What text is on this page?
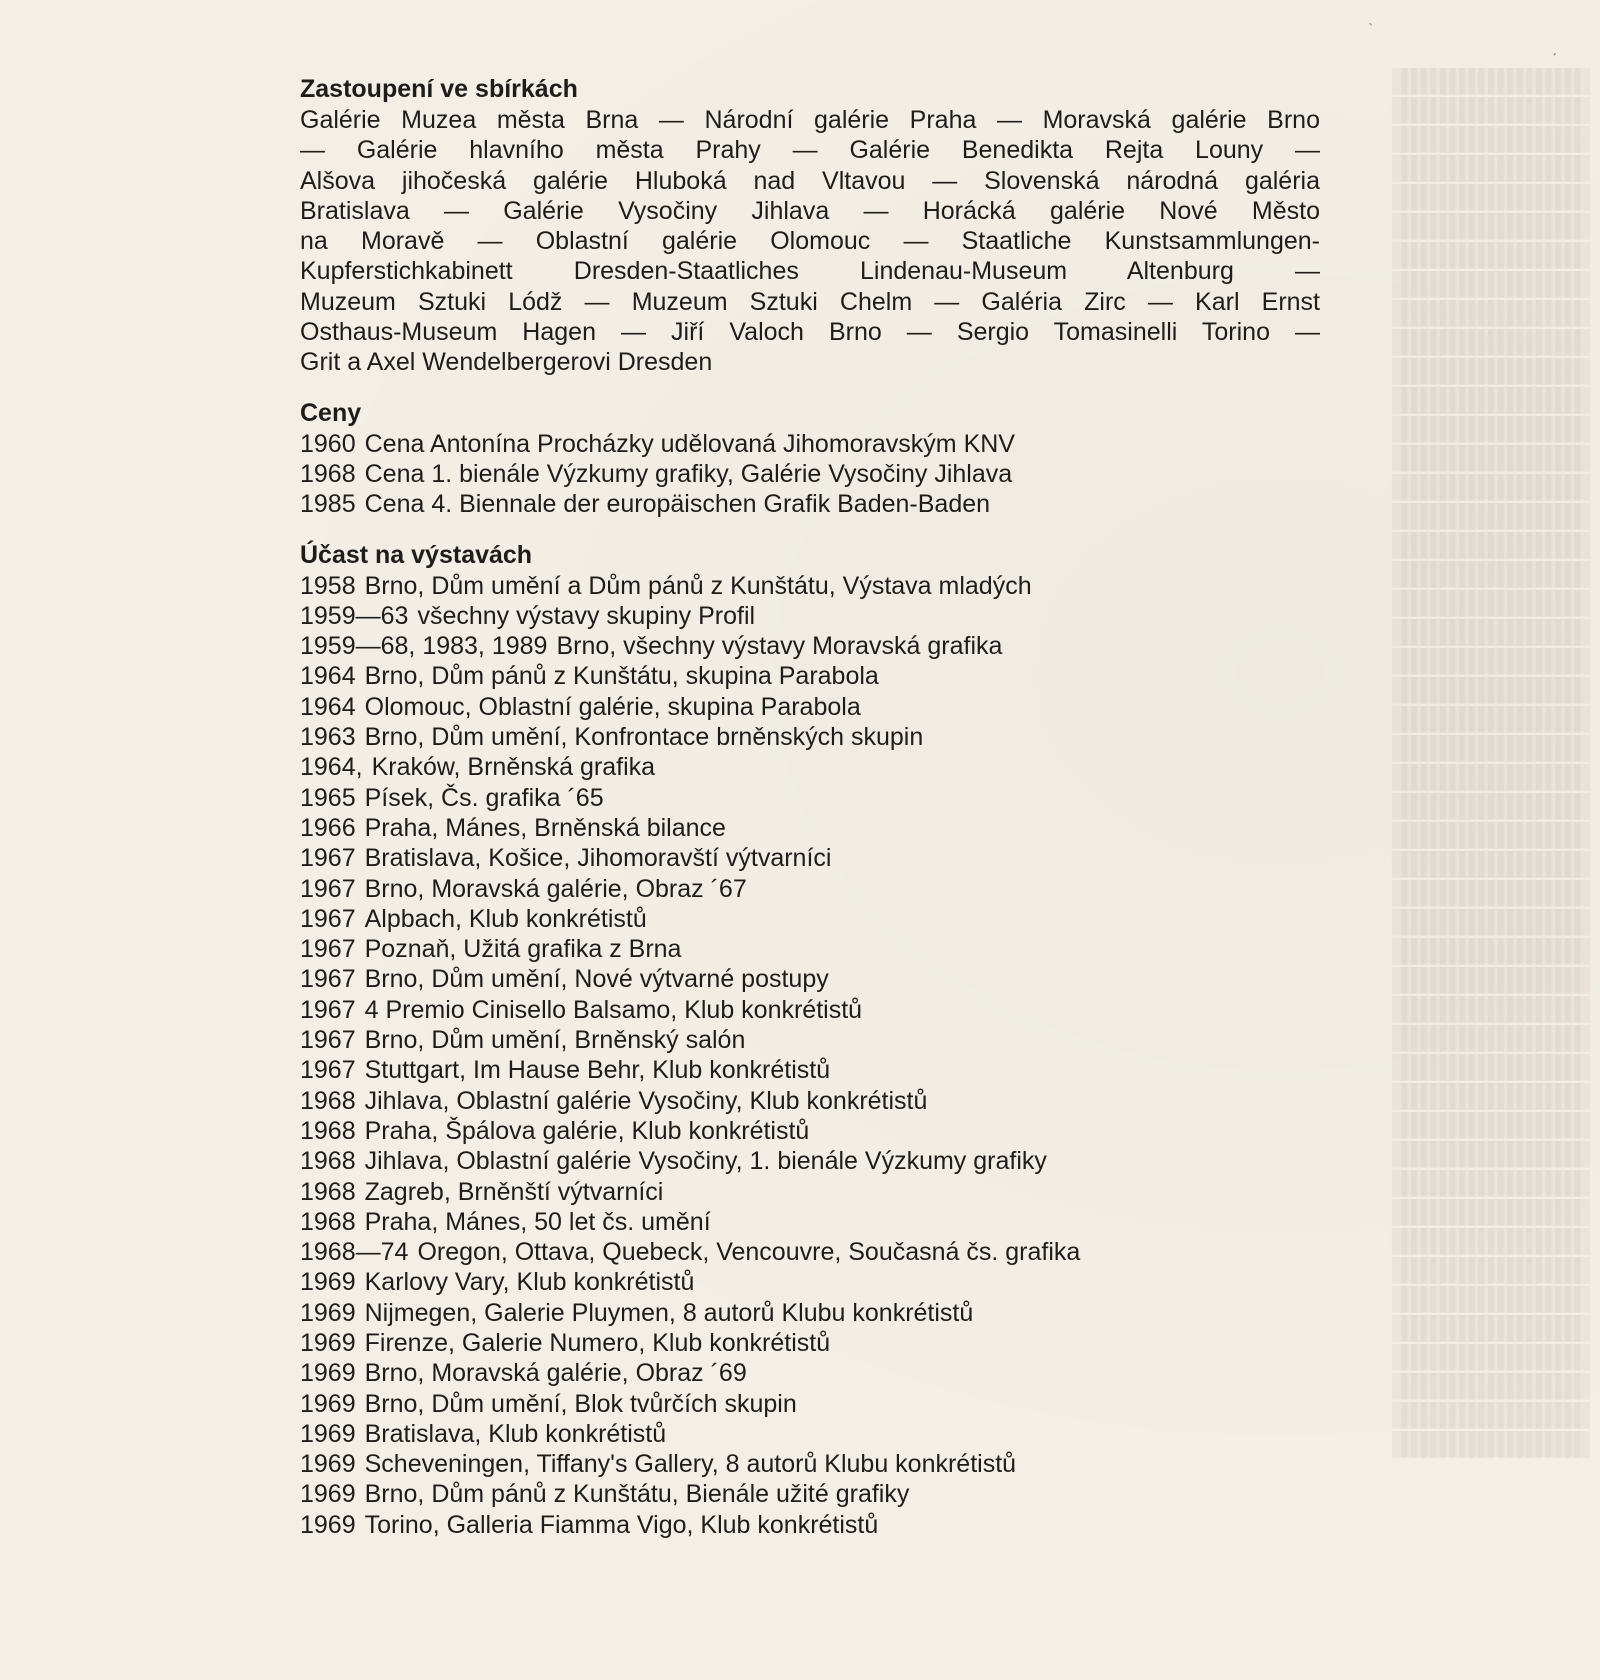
████ ██████ ███████ ███
████ ██████ ███████ ███
████ ██████ ███████ ███
████ ██████ ███████ ███
████ ██████ ███████ ███
████ ██████ ███████ ███
████ ██████ ███████ ███
████ ██████ ███████ ███
████ ██████ ███████ ███
████ ██████ ███████ ███
████ ██████ ███████ ███
████ ██████ ███████ ███
████ ██████ ███████ ███
████ ██████ ███████ ███
████ ██████ ███████ ███
████ ██████ ███████ ███
████ ██████ ███████ ███
████ ██████ ███████ ███
████ ██████ ███████ ███
████ ██████ ███████ ███
████ ██████ ███████ ███
████ ██████ ███████ ███
████ ██████ ███████ ███
████ ██████ ███████ ███
████ ██████ ███████ ███
████ ██████ ███████ ███
████ ██████ ███████ ███
████ ██████ ███████ ███
████ ██████ ███████ ███
████ ██████ ███████ ███
████ ██████ ███████ ███
████ ██████ ███████ ███
████ ██████ ███████ ███
████ ██████ ███████ ███
████ ██████ ███████ ███
████ ██████ ███████ ███
████ ██████ ███████ ███
████ ██████ ███████ ███
████ ██████ ███████ ███
████ ██████ ███████ ███
████ ██████ ███████ ███
████ ██████ ███████ ███
████ ██████ ███████ ███
████ ██████ ███████ ███
████ ██████ ███████ ███
████ ██████ ███████ ███
████ ██████ ███████ ███
████ ██████ ███████ ███
ˋ
ˊ
Zastoupení ve sbírkách

Galérie Muzea města Brna — Národní galérie Praha — Moravská galérie Brno
— Galérie hlavního města Prahy — Galérie Benedikta Rejta Louny —
Alšova jihočeská galérie Hluboká nad Vltavou — Slovenská národná galéria
Bratislava — Galérie Vysočiny Jihlava — Horácká galérie Nové Město
na Moravě — Oblastní galérie Olomouc — Staatliche Kunstsammlungen-
Kupferstichkabinett Dresden-Staatliches Lindenau-Museum Altenburg —
Muzeum Sztuki Lódž — Muzeum Sztuki Chelm — Galéria Zirc — Karl Ernst
Osthaus-Museum Hagen — Jiří Valoch Brno — Sergio Tomasinelli Torino —
Grit a Axel Wendelbergerovi Dresden

Ceny
1960 Cena Antonína Procházky udělovaná Jihomoravským KNV
1968 Cena 1. bienále Výzkumy grafiky, Galérie Vysočiny Jihlava
1985 Cena 4. Biennale der europäischen Grafik Baden-Baden
Účast na výstavách
1958 Brno, Dům umění a Dům pánů z Kunštátu, Výstava mladých
1959—63 všechny výstavy skupiny Profil
1959—68, 1983, 1989 Brno, všechny výstavy Moravská grafika
1964 Brno, Dům pánů z Kunštátu, skupina Parabola
1964 Olomouc, Oblastní galérie, skupina Parabola
1963 Brno, Dům umění, Konfrontace brněnských skupin
1964, Kraków, Brněnská grafika
1965 Písek, Čs. grafika ´65
1966 Praha, Mánes, Brněnská bilance
1967 Bratislava, Košice, Jihomoravští výtvarníci
1967 Brno, Moravská galérie, Obraz ´67
1967 Alpbach, Klub konkrétistů
1967 Poznaň, Užitá grafika z Brna
1967 Brno, Dům umění, Nové výtvarné postupy
1967 4 Premio Cinisello Balsamo, Klub konkrétistů
1967 Brno, Dům umění, Brněnský salón
1967 Stuttgart, Im Hause Behr, Klub konkrétistů
1968 Jihlava, Oblastní galérie Vysočiny, Klub konkrétistů
1968 Praha, Špálova galérie, Klub konkrétistů
1968 Jihlava, Oblastní galérie Vysočiny, 1. bienále Výzkumy grafiky
1968 Zagreb, Brněnští výtvarníci
1968 Praha, Mánes, 50 let čs. umění
1968—74 Oregon, Ottava, Quebeck, Vencouvre, Současná čs. grafika
1969 Karlovy Vary, Klub konkrétistů
1969 Nijmegen, Galerie Pluymen, 8 autorů Klubu konkrétistů
1969 Firenze, Galerie Numero, Klub konkrétistů
1969 Brno, Moravská galérie, Obraz ´69
1969 Brno, Dům umění, Blok tvůrčích skupin
1969 Bratislava, Klub konkrétistů
1969 Scheveningen, Tiffany's Gallery, 8 autorů Klubu konkrétistů
1969 Brno, Dům pánů z Kunštátu, Bienále užité grafiky
1969 Torino, Galleria Fiamma Vigo, Klub konkrétistů
